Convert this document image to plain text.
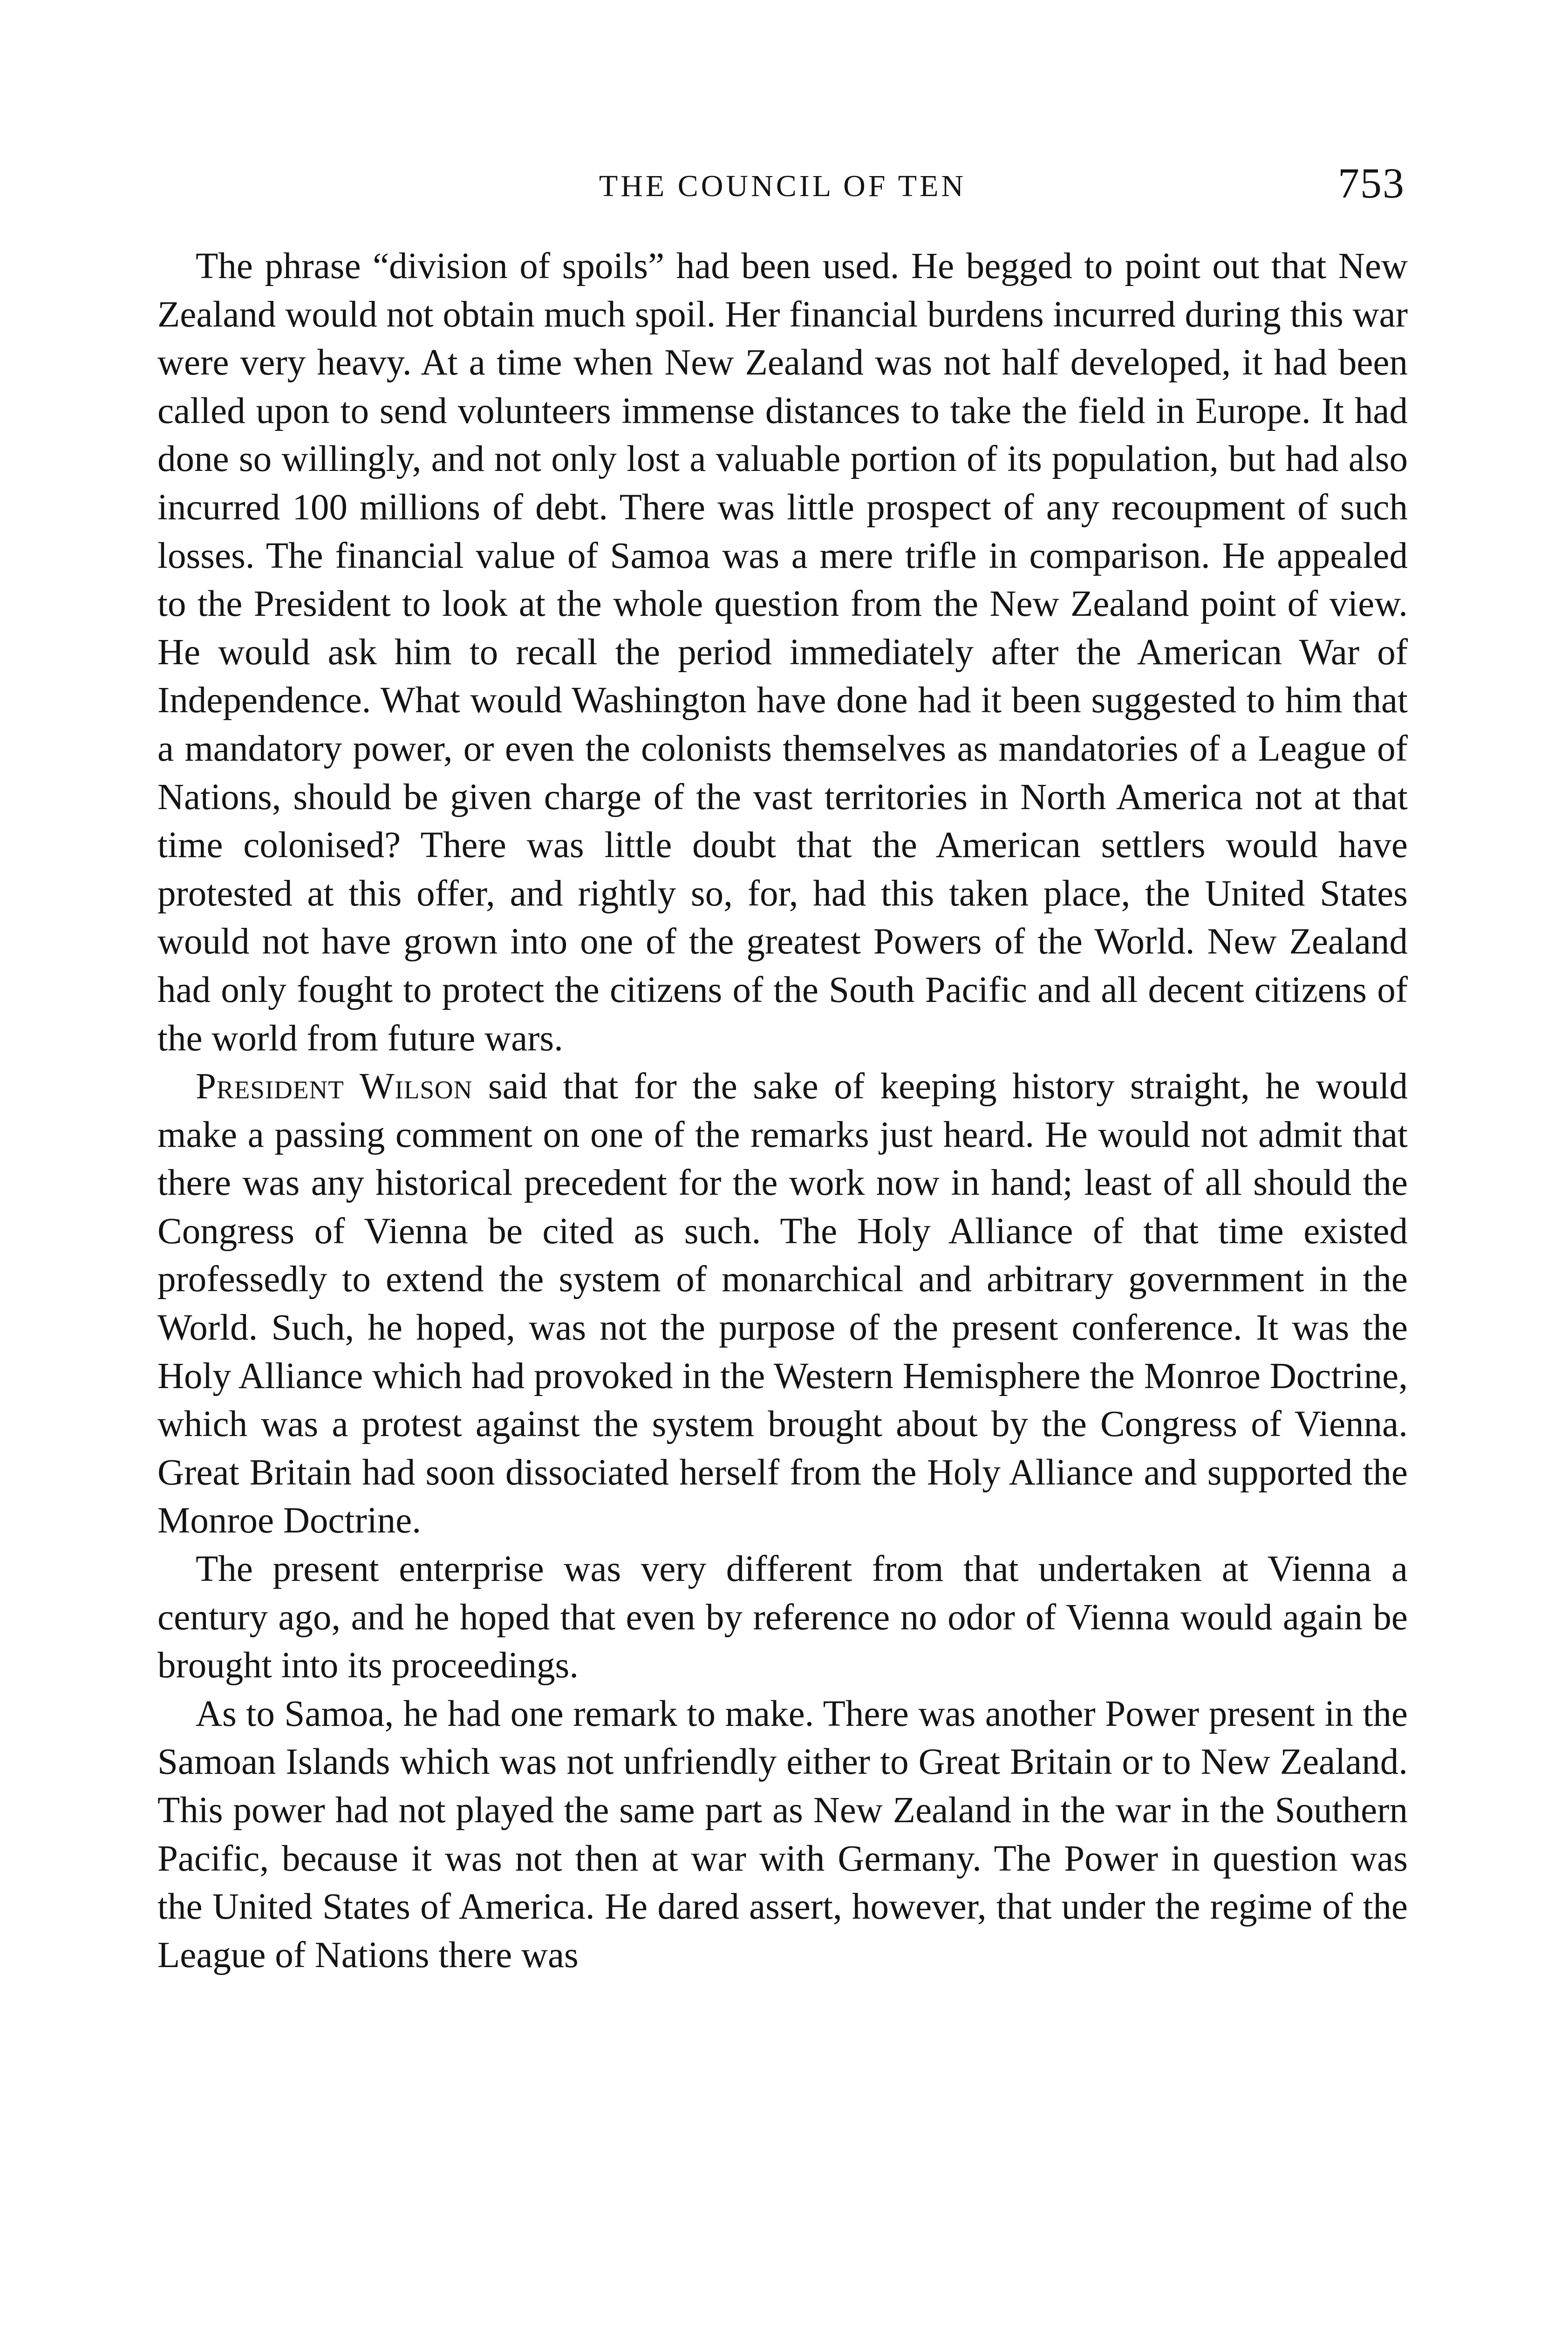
THE COUNCIL OF TEN	753

The phrase “division of spoils” had been used. He begged to point out that New Zealand would not obtain much spoil. Her financial burdens incurred during this war were very heavy. At a time when New Zealand was not half developed, it had been called upon to send volunteers immense distances to take the field in Europe. It had done so willingly, and not only lost a valuable portion of its population, but had also incurred 100 millions of debt. There was little prospect of any recoupment of such losses. The financial value of Samoa was a mere trifle in comparison. He appealed to the President to look at the whole question from the New Zealand point of view. He would ask him to recall the period immediately after the American War of Independence. What would Washington have done had it been suggested to him that a mandatory power, or even the colonists themselves as mandatories of a League of Nations, should be given charge of the vast territories in North America not at that time colonised? There was little doubt that the American settlers would have protested at this offer, and rightly so, for, had this taken place, the United States would not have grown into one of the greatest Powers of the World. New Zealand had only fought to protect the citizens of the South Pacific and all decent citizens of the world from future wars.

President Wilson said that for the sake of keeping history straight, he would make a passing comment on one of the remarks just heard. He would not admit that there was any historical precedent for the work now in hand; least of all should the Congress of Vienna be cited as such. The Holy Alliance of that time existed professedly to extend the system of monarchical and arbitrary government in the World. Such, he hoped, was not the purpose of the present conference. It was the Holy Alliance which had provoked in the Western Hemisphere the Monroe Doctrine, which was a protest against the system brought about by the Congress of Vienna. Great Britain had soon dissociated herself from the Holy Alliance and supported the Monroe Doctrine.

The present enterprise was very different from that undertaken at Vienna a century ago, and he hoped that even by reference no odor of Vienna would again be brought into its proceedings.

As to Samoa, he had one remark to make. There was another Power present in the Samoan Islands which was not unfriendly either to Great Britain or to New Zealand. This power had not played the same part as New Zealand in the war in the Southern Pacific, because it was not then at war with Germany. The Power in question was the United States of America. He dared assert, however, that under the regime of the League of Nations there was
